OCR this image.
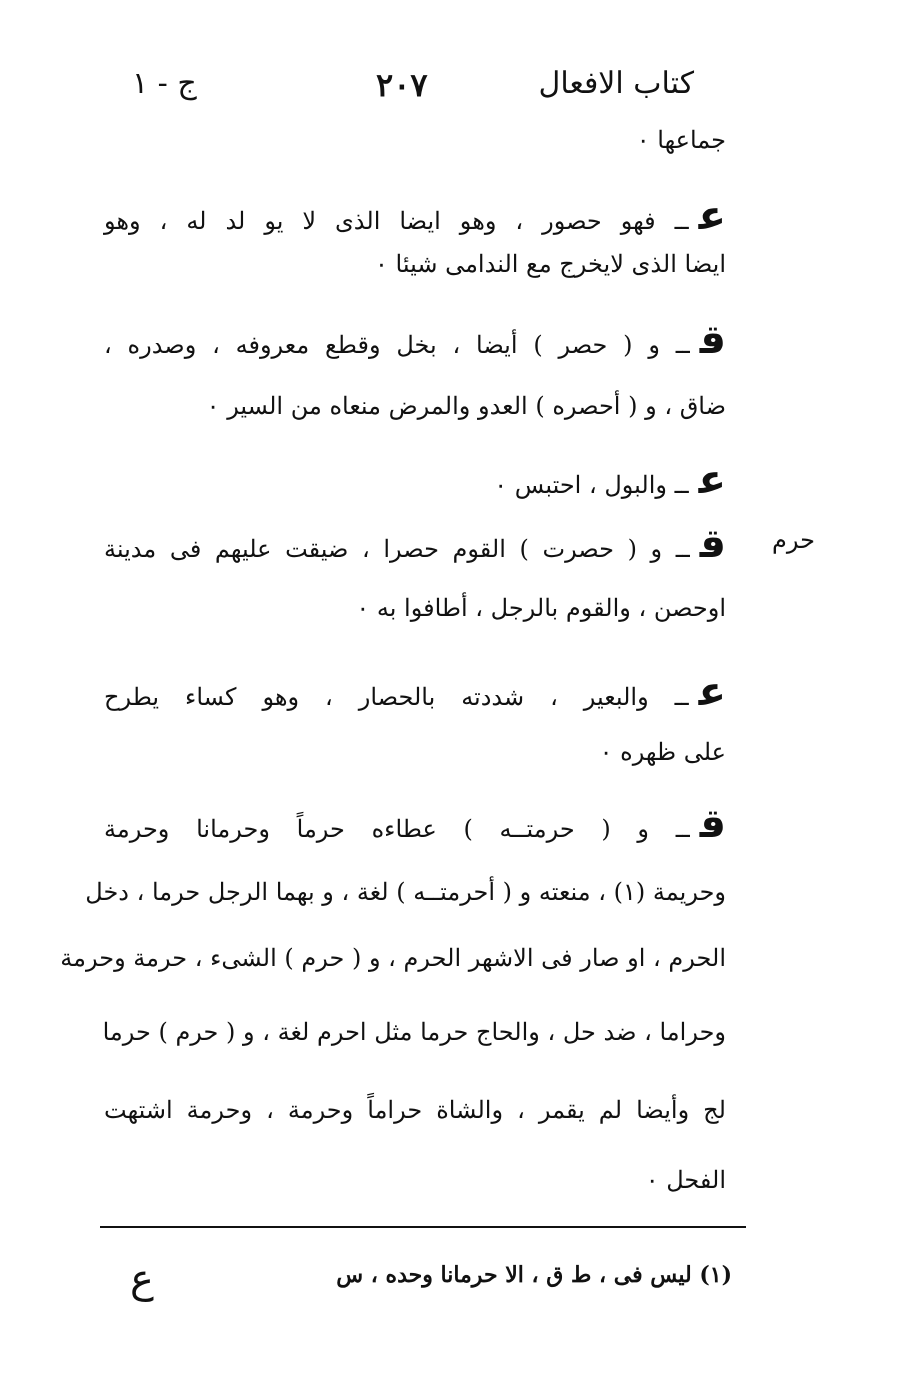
كتاب الافعال
٢٠٧
ج - ١
حرم
جماعها ٠
عــ فهو حصور ، وهو ايضا الذى لا يو لد له ، وهو
ايضا الذى لايخرج مع الندامى شيئا ٠
قــ و ( حصر ) أيضا ، بخل وقطع معروفه ، وصدره ،
ضاق ، و ( أحصره ) العدو والمرض منعاه من السير ٠
عــ والبول ، احتبس ٠
قــ و ( حصرت ) القوم حصرا ، ضيقت عليهم فى مدينة
اوحصن ، والقوم بالرجل ، أطافوا به ٠
عــ والبعير ، شددته بالحصار ، وهو كساء يطرح
على ظهره ٠
قــ و ( حرمتــه ) عطاءه حرماً وحرمانا وحرمة
وحريمة (١) ، منعته و ( أحرمتــه ) لغة ، و بهما الرجل حرما ، دخل
الحرم ، او صار فى الاشهر الحرم ، و ( حرم ) الشىء ، حرمة وحرمة
وحراما ، ضد حل ، والحاج حرما مثل احرم لغة ، و ( حرم ) حرما
لج وأيضا لم يقمر ، والشاة حراماً وحرمة ، وحرمة اشتهت
الفحل ٠
(١) ليس فى ، ط ق ، الا حرمانا وحده ، س
ع
